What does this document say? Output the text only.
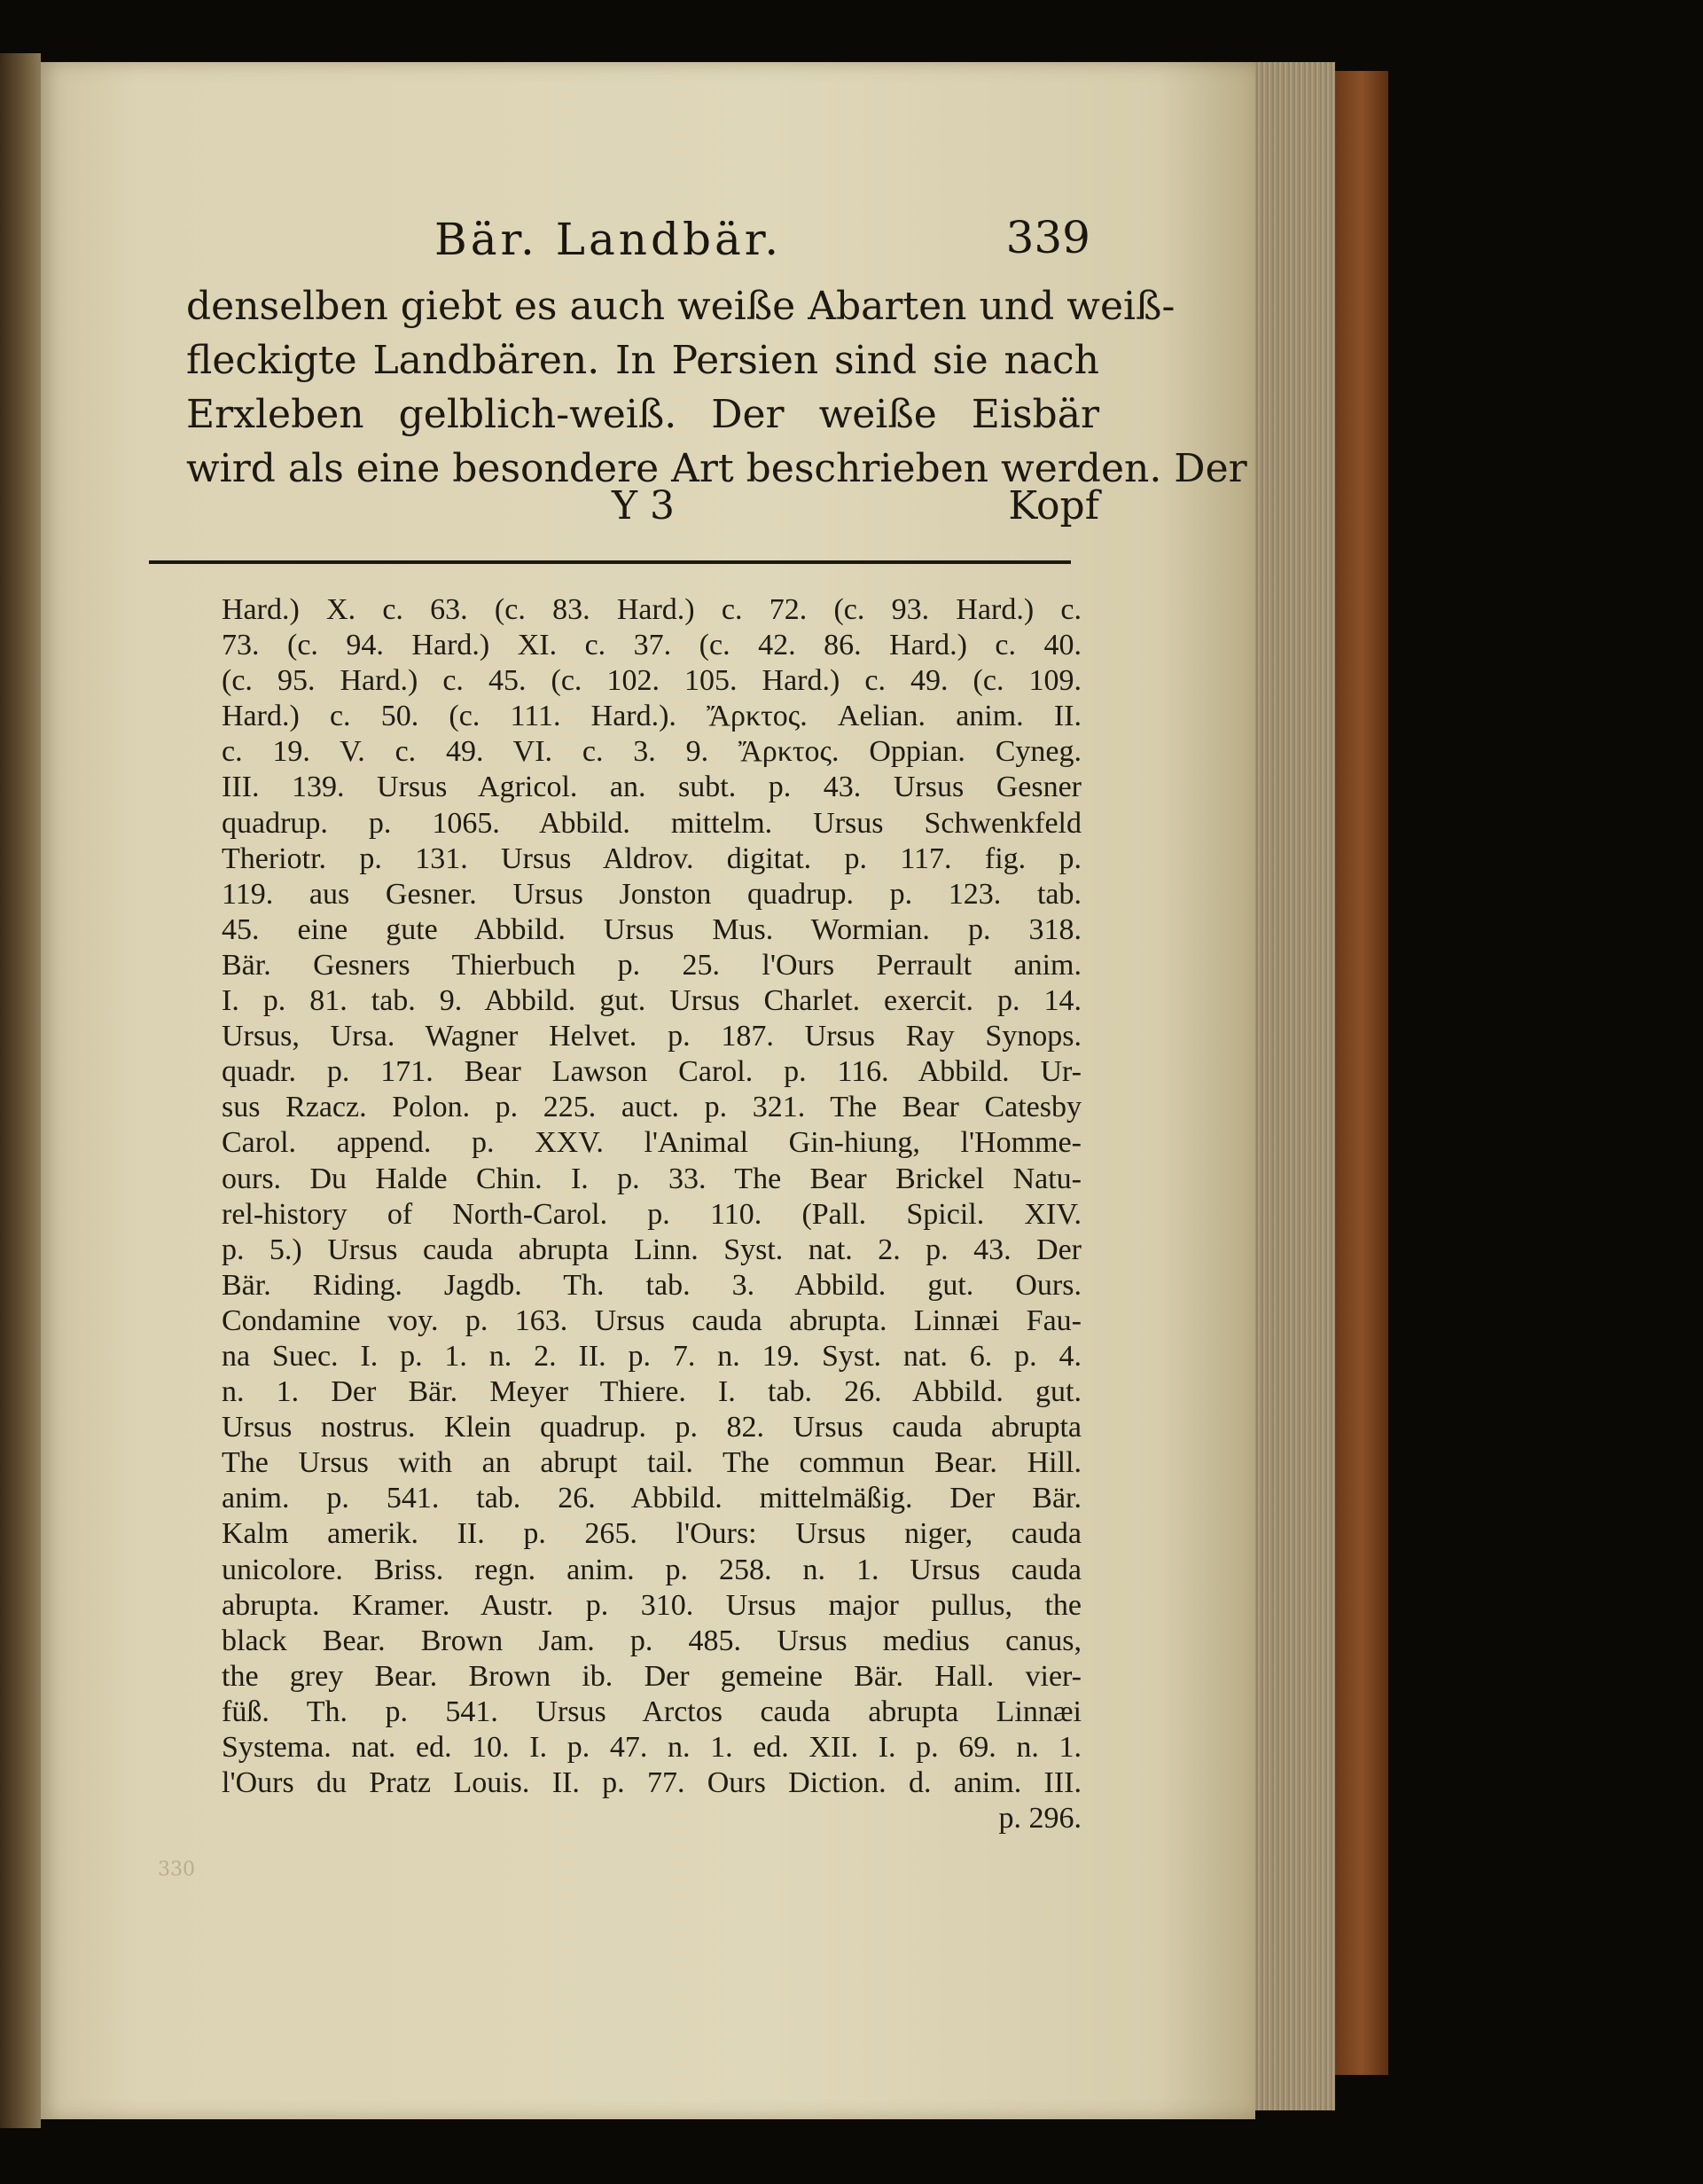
Bär. Landbär.	339
denselben giebt es auch weiße Abarten und weiß-
fleckigte Landbären. In Persien sind sie nach
Erxleben gelblich-weiß. Der weiße Eisbär
wird als eine besondere Art beschrieben werden. Der
Y 3	Kopf
Hard.) X. c. 63. (c. 83. Hard.) c. 72. (c. 93. Hard.) c.
73. (c. 94. Hard.) XI. c. 37. (c. 42. 86. Hard.) c. 40.
(c. 95. Hard.) c. 45. (c. 102. 105. Hard.) c. 49. (c. 109.
Hard.) c. 50. (c. 111. Hard.). Ἄρκτος. Aelian. anim. II.
c. 19. V. c. 49. VI. c. 3. 9. Ἄρκτος. Oppian. Cyneg.
III. 139. Ursus Agricol. an. subt. p. 43. Ursus Gesner
quadrup. p. 1065. Abbild. mittelm. Ursus Schwenkfeld
Theriotr. p. 131. Ursus Aldrov. digitat. p. 117. fig. p.
119. aus Gesner. Ursus Jonston quadrup. p. 123. tab.
45. eine gute Abbild. Ursus Mus. Wormian. p. 318.
Bär. Gesners Thierbuch p. 25. l'Ours Perrault anim.
I. p. 81. tab. 9. Abbild. gut. Ursus Charlet. exercit. p. 14.
Ursus, Ursa. Wagner Helvet. p. 187. Ursus Ray Synops.
quadr. p. 171. Bear Lawson Carol. p. 116. Abbild. Ur-
sus Rzacz. Polon. p. 225. auct. p. 321. The Bear Catesby
Carol. append. p. XXV. l'Animal Gin-hiung, l'Homme-
ours. Du Halde Chin. I. p. 33. The Bear Brickel Natu-
rel-history of North-Carol. p. 110. (Pall. Spicil. XIV.
p. 5.) Ursus cauda abrupta Linn. Syst. nat. 2. p. 43. Der
Bär. Riding. Jagdb. Th. tab. 3. Abbild. gut. Ours.
Condamine voy. p. 163. Ursus cauda abrupta. Linnæi Fau-
na Suec. I. p. 1. n. 2. II. p. 7. n. 19. Syst. nat. 6. p. 4.
n. 1. Der Bär. Meyer Thiere. I. tab. 26. Abbild. gut.
Ursus nostrus. Klein quadrup. p. 82. Ursus cauda abrupta
The Ursus with an abrupt tail. The commun Bear. Hill.
anim. p. 541. tab. 26. Abbild. mittelmäßig. Der Bär.
Kalm amerik. II. p. 265. l'Ours: Ursus niger, cauda
unicolore. Briss. regn. anim. p. 258. n. 1. Ursus cauda
abrupta. Kramer. Austr. p. 310. Ursus major pullus, the
black Bear. Brown Jam. p. 485. Ursus medius canus,
the grey Bear. Brown ib. Der gemeine Bär. Hall. vier-
füß. Th. p. 541. Ursus Arctos cauda abrupta Linnæi
Systema. nat. ed. 10. I. p. 47. n. 1. ed. XII. I. p. 69. n. 1.
l'Ours du Pratz Louis. II. p. 77. Ours Diction. d. anim. III.
p. 296.
330
